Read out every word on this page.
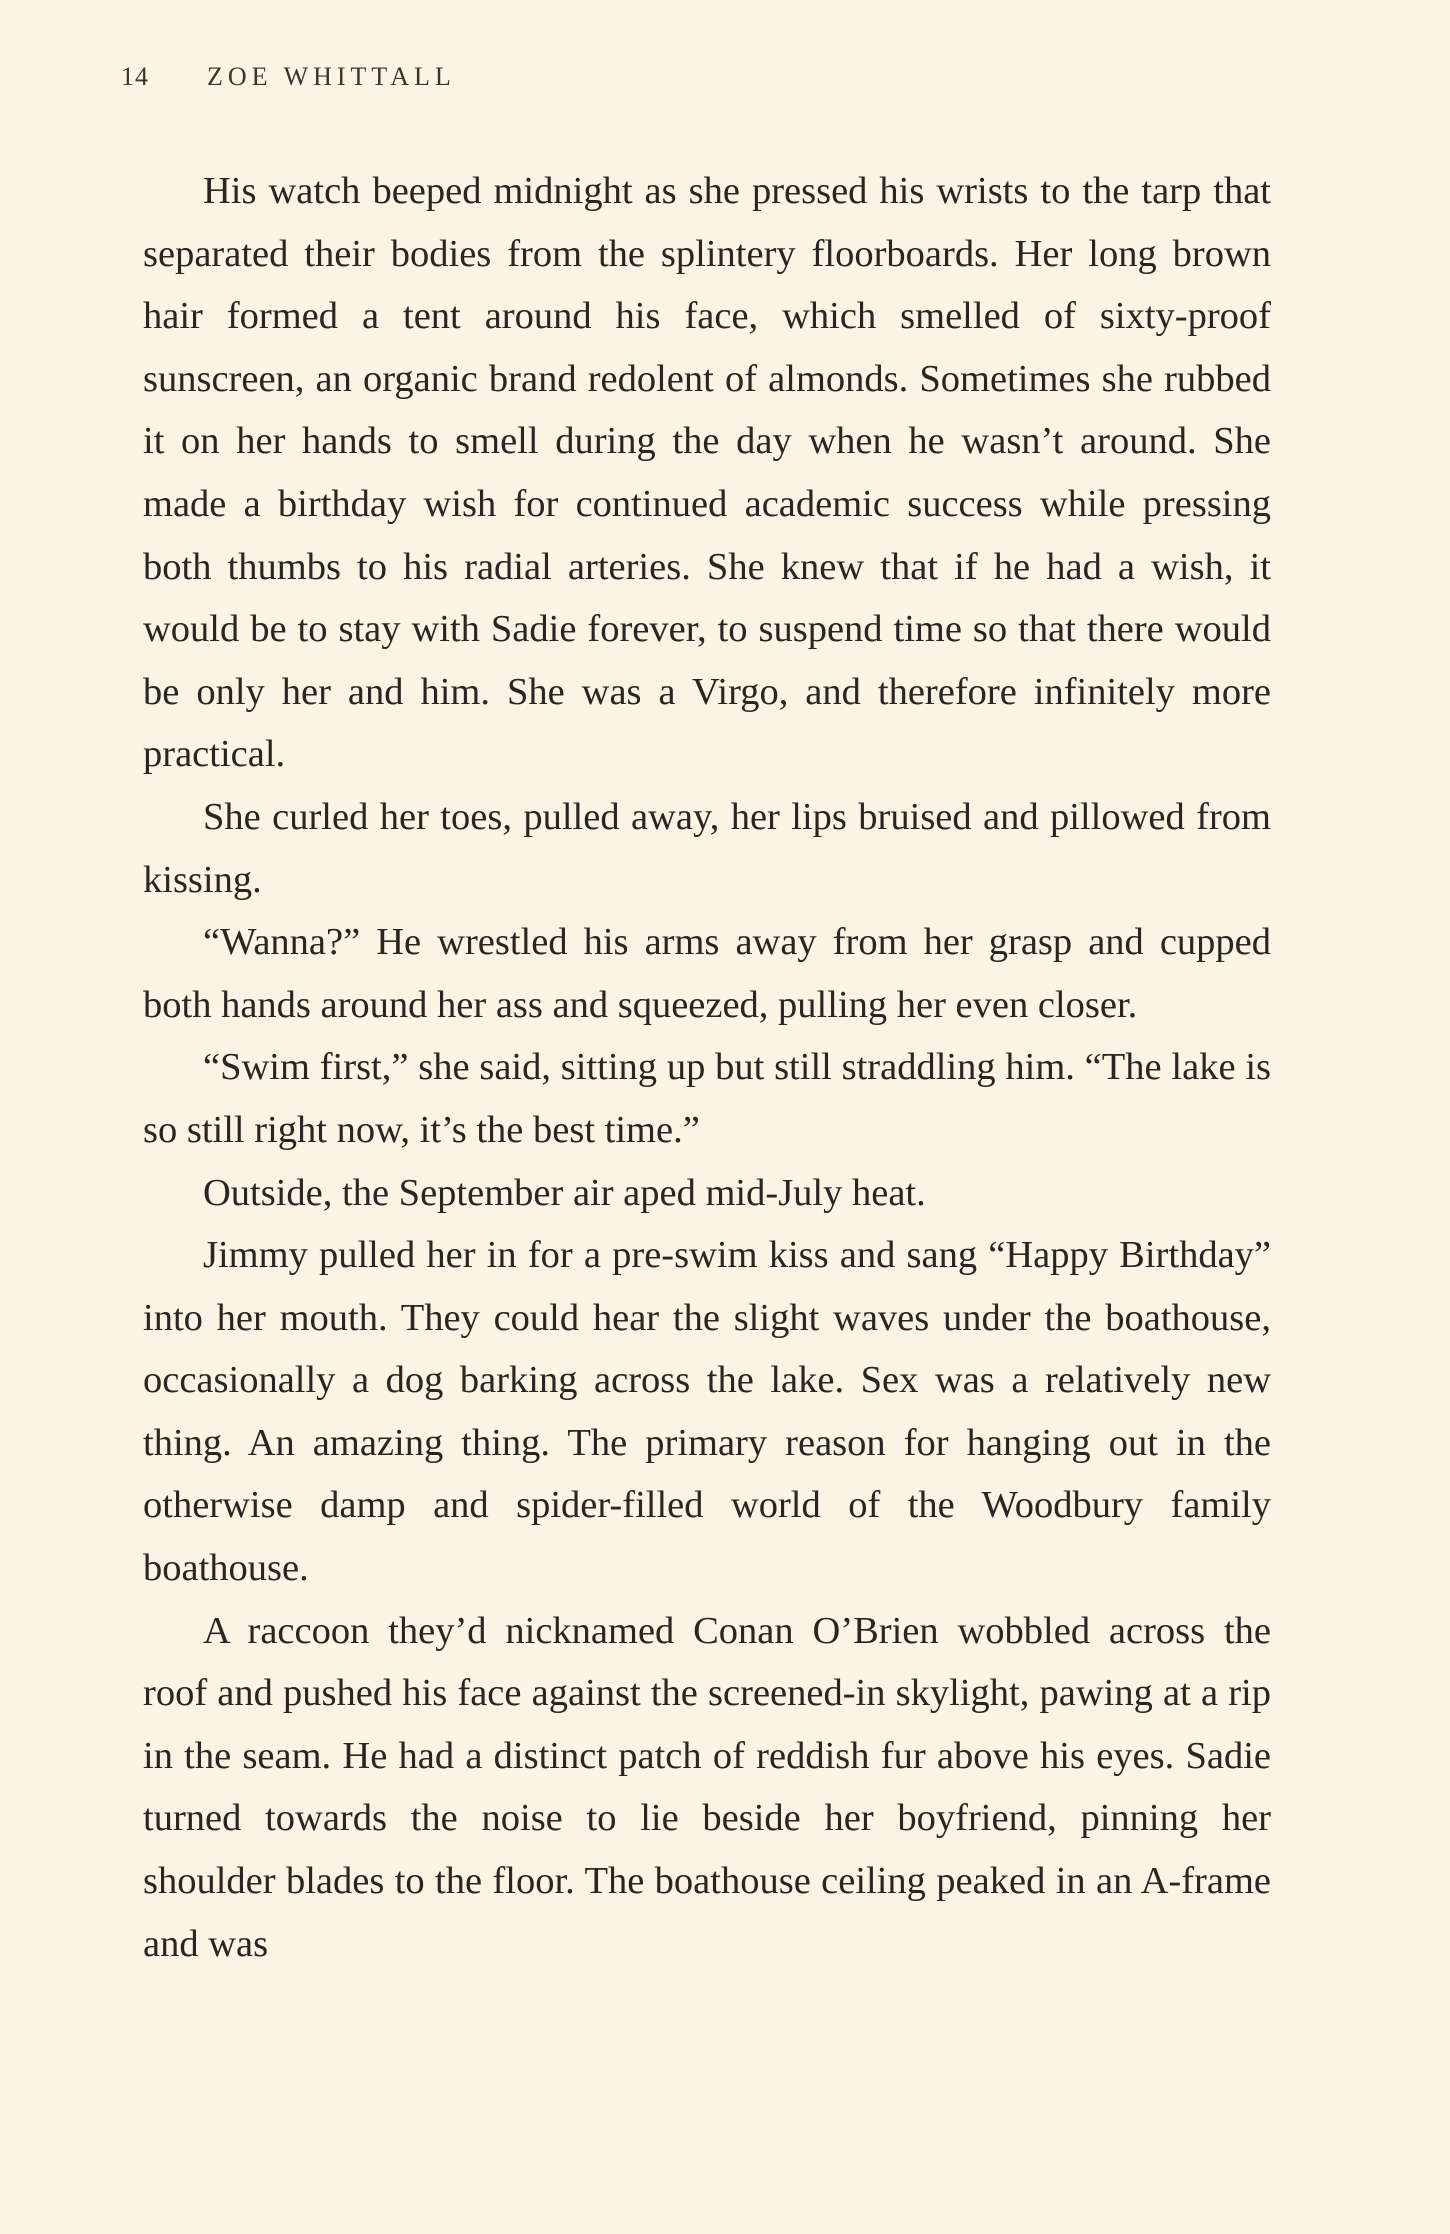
14 ZOE WHITTALL

His watch beeped midnight as she pressed his wrists to the tarp that separated their bodies from the splintery floorboards. Her long brown hair formed a tent around his face, which smelled of sixty-proof sunscreen, an organic brand redolent of almonds. Sometimes she rubbed it on her hands to smell during the day when he wasn’t around. She made a birthday wish for continued academic success while pressing both thumbs to his radial arteries. She knew that if he had a wish, it would be to stay with Sadie forever, to suspend time so that there would be only her and him. She was a Virgo, and therefore infinitely more practical.

She curled her toes, pulled away, her lips bruised and pillowed from kissing.

“Wanna?” He wrestled his arms away from her grasp and cupped both hands around her ass and squeezed, pulling her even closer.

“Swim first,” she said, sitting up but still straddling him. “The lake is so still right now, it’s the best time.”

Outside, the September air aped mid-July heat.

Jimmy pulled her in for a pre-swim kiss and sang “Happy Birthday” into her mouth. They could hear the slight waves under the boathouse, occasionally a dog barking across the lake. Sex was a relatively new thing. An amazing thing. The primary reason for hanging out in the otherwise damp and spider-filled world of the Woodbury family boathouse.

A raccoon they’d nicknamed Conan O’Brien wobbled across the roof and pushed his face against the screened-in skylight, pawing at a rip in the seam. He had a distinct patch of reddish fur above his eyes. Sadie turned towards the noise to lie beside her boyfriend, pinning her shoulder blades to the floor. The boathouse ceiling peaked in an A-frame and was
